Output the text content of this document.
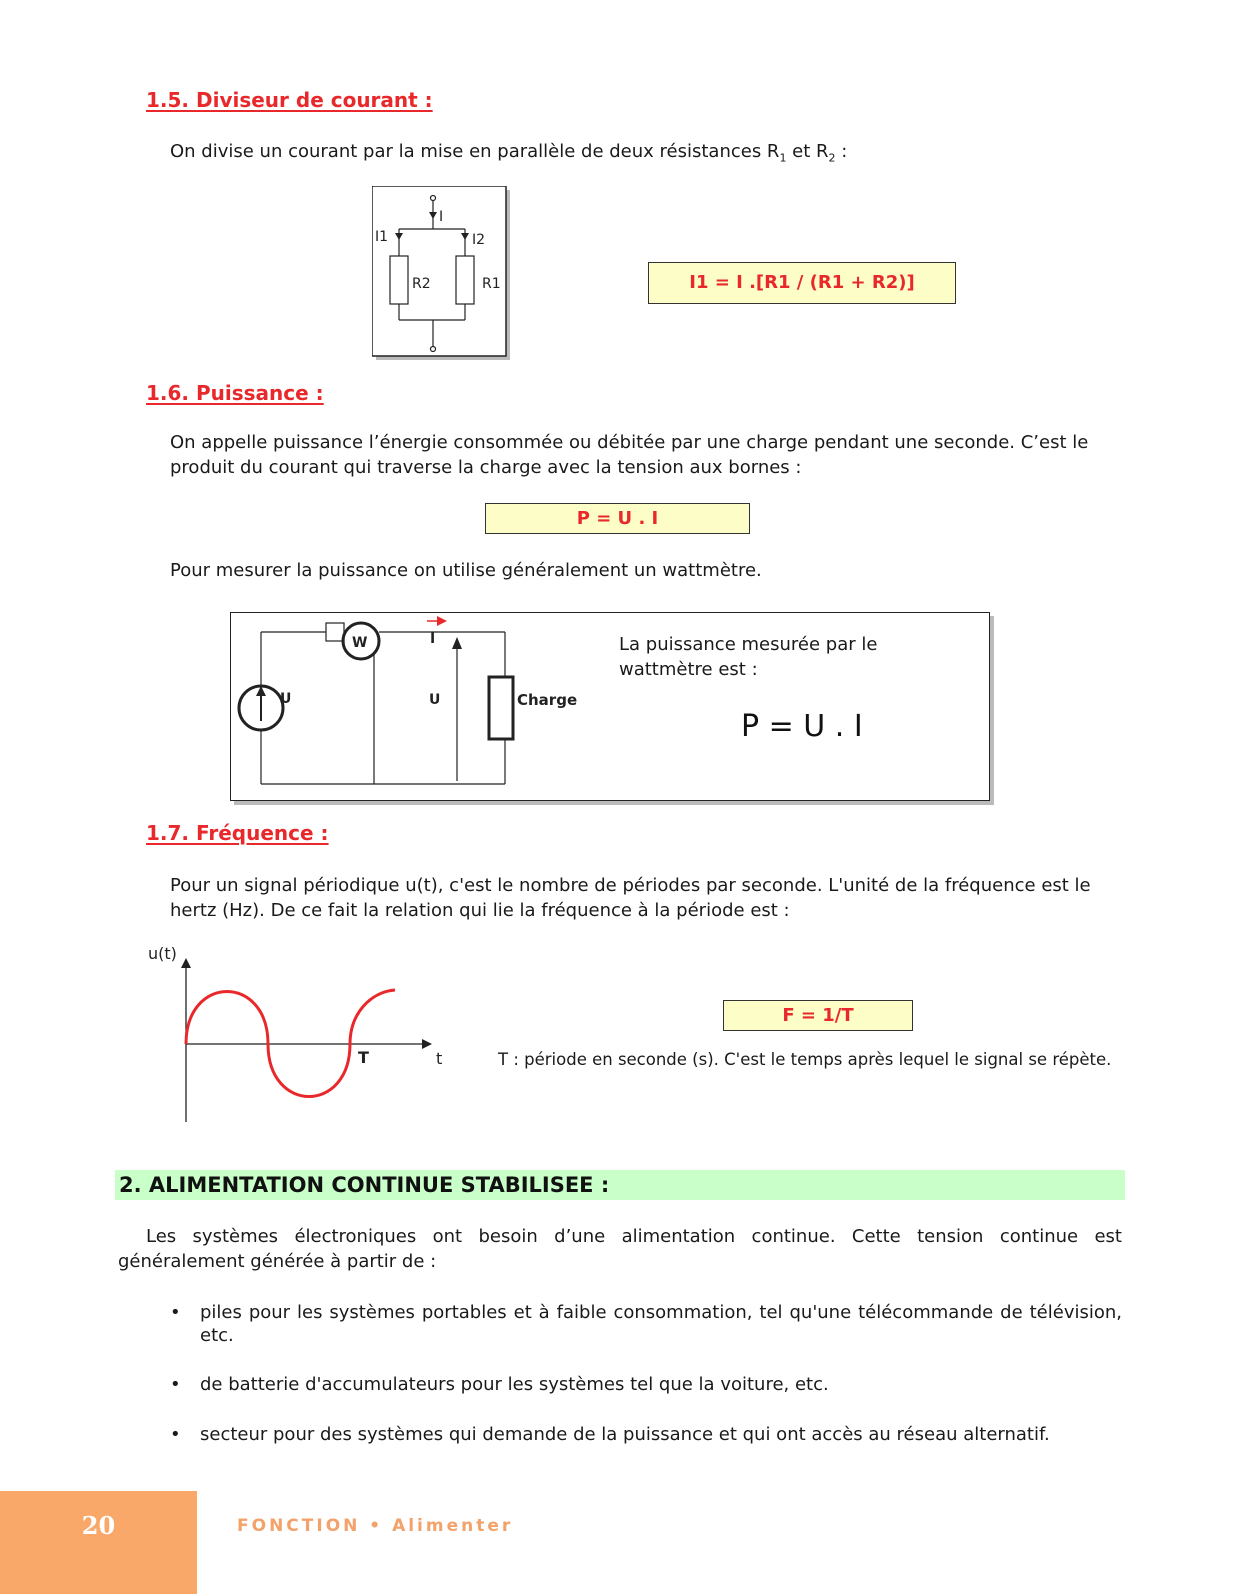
1.5. Diviseur de courant :
On divise un courant par la mise en parallèle de deux résistances $R_1$ et $R_2$ :
I
I1	I2
R2	R1	I1 = I .[R1 / (R1 + R2)]
1.6. Puissance :
On appelle puissance l’énergie consommée ou débitée par une charge pendant une seconde. C’est le produit du courant qui traverse la charge avec la tension aux bornes :
P = U . I
Pour mesurer la puissance on utilise généralement un wattmètre.
W
U
I
U	Charge
La puissance mesurée par le wattmètre est :
P = U . I
1.7. Fréquence :
Pour un signal périodique u(t), c'est le nombre de périodes par seconde. L'unité de la fréquence est le hertz (Hz). De ce fait la relation qui lie la fréquence à la période est :
u(t)
T	t
F = 1/T
T : période en seconde (s). C'est le temps après lequel le signal se répète.
2. ALIMENTATION CONTINUE STABILISEE :
Les systèmes électroniques ont besoin d’une alimentation continue. Cette tension continue est généralement générée à partir de :
• piles pour les systèmes portables et à faible consommation, tel qu'une télécommande de télévision, etc.
• de batterie d'accumulateurs pour les systèmes tel que la voiture, etc.
• secteur pour des systèmes qui demande de la puissance et qui ont accès au réseau alternatif.
20	FONCTION • Alimenter
